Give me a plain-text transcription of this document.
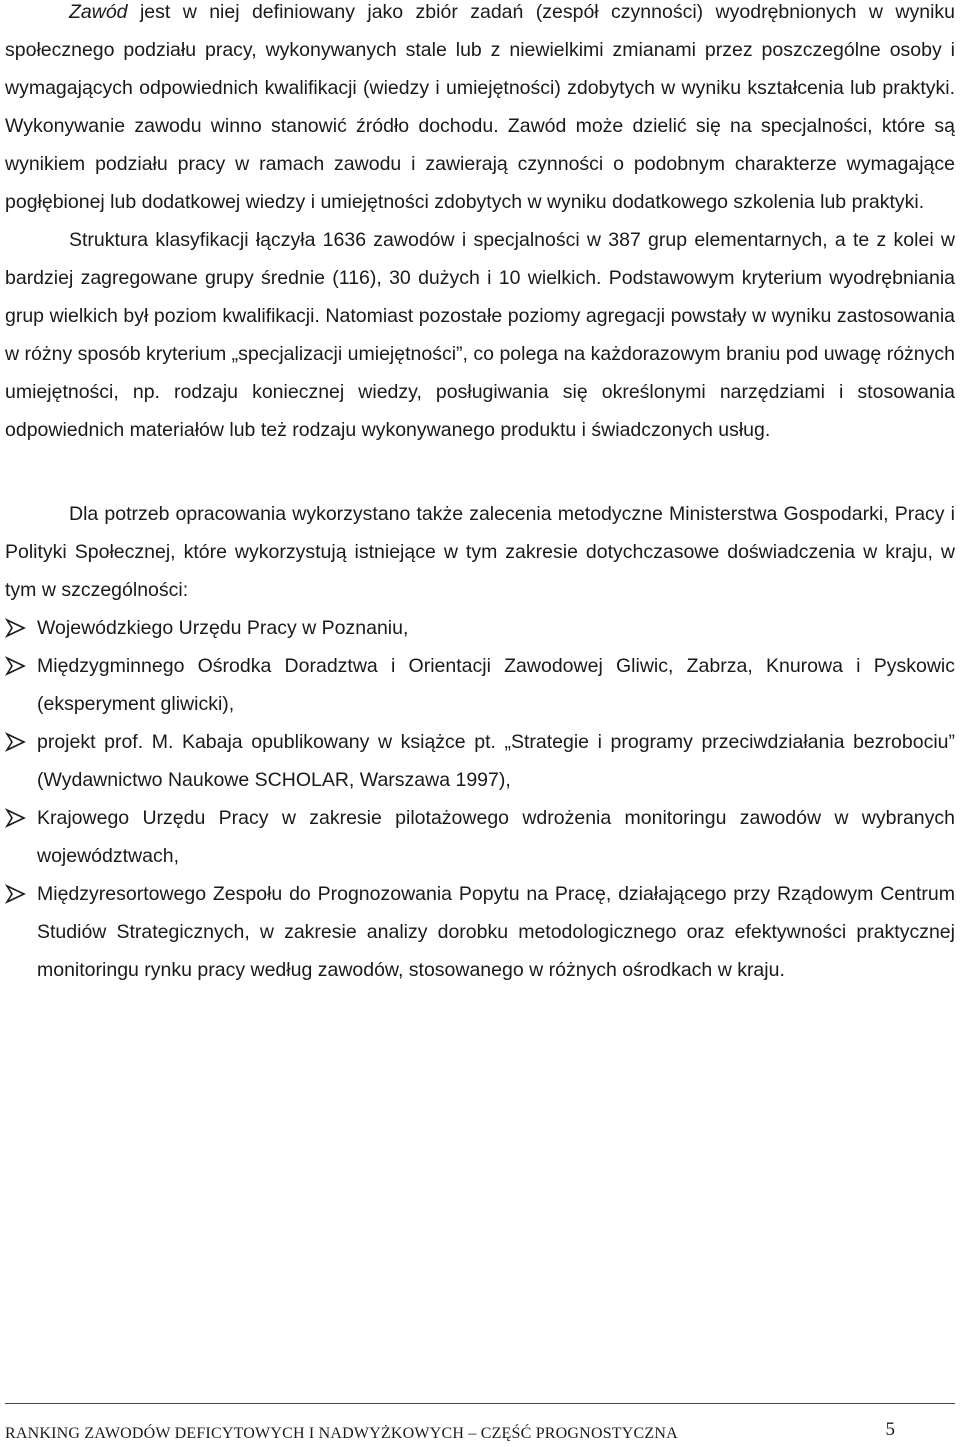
Zawód jest w niej definiowany jako zbiór zadań (zespół czynności) wyodrębnionych w wyniku społecznego podziału pracy, wykonywanych stale lub z niewielkimi zmianami przez poszczególne osoby i wymagających odpowiednich kwalifikacji (wiedzy i umiejętności) zdobytych w wyniku kształcenia lub praktyki. Wykonywanie zawodu winno stanowić źródło dochodu. Zawód może dzielić się na specjalności, które są wynikiem podziału pracy w ramach zawodu i zawierają czynności o podobnym charakterze wymagające pogłębionej lub dodatkowej wiedzy i umiejętności zdobytych w wyniku dodatkowego szkolenia lub praktyki.

Struktura klasyfikacji łączyła 1636 zawodów i specjalności w 387 grup elementarnych, a te z kolei w bardziej zagregowane grupy średnie (116), 30 dużych i 10 wielkich. Podstawowym kryterium wyodrębniania grup wielkich był poziom kwalifikacji. Natomiast pozostałe poziomy agregacji powstały w wyniku zastosowania w różny sposób kryterium „specjalizacji umiejętności”, co polega na każdorazowym braniu pod uwagę różnych umiejętności, np. rodzaju koniecznej wiedzy, posługiwania się określonymi narzędziami i stosowania odpowiednich materiałów lub też rodzaju wykonywanego produktu i świadczonych usług.

Dla potrzeb opracowania wykorzystano także zalecenia metodyczne Ministerstwa Gospodarki, Pracy i Polityki Społecznej, które wykorzystują istniejące w tym zakresie dotychczasowe doświadczenia w kraju, w tym w szczególności:

Wojewódzkiego Urzędu Pracy w Poznaniu,
Międzygminnego Ośrodka Doradztwa i Orientacji Zawodowej Gliwic, Zabrza, Knurowa i Pyskowic (eksperyment gliwicki),
projekt prof. M. Kabaja opublikowany w książce pt. „Strategie i programy przeciwdziałania bezrobociu” (Wydawnictwo Naukowe SCHOLAR, Warszawa 1997),
Krajowego Urzędu Pracy w zakresie pilotażowego wdrożenia monitoringu zawodów w wybranych województwach,
Międzyresortowego Zespołu do Prognozowania Popytu na Pracę, działającego przy Rządowym Centrum Studiów Strategicznych, w zakresie analizy dorobku metodologicznego oraz efektywności praktycznej monitoringu rynku pracy według zawodów, stosowanego w różnych ośrodkach w kraju.
RANKING ZAWODÓW DEFICYTOWYCH I NADWYŻKOWYCH – CZĘŚĆ PROGNOSTYCZNA	5
